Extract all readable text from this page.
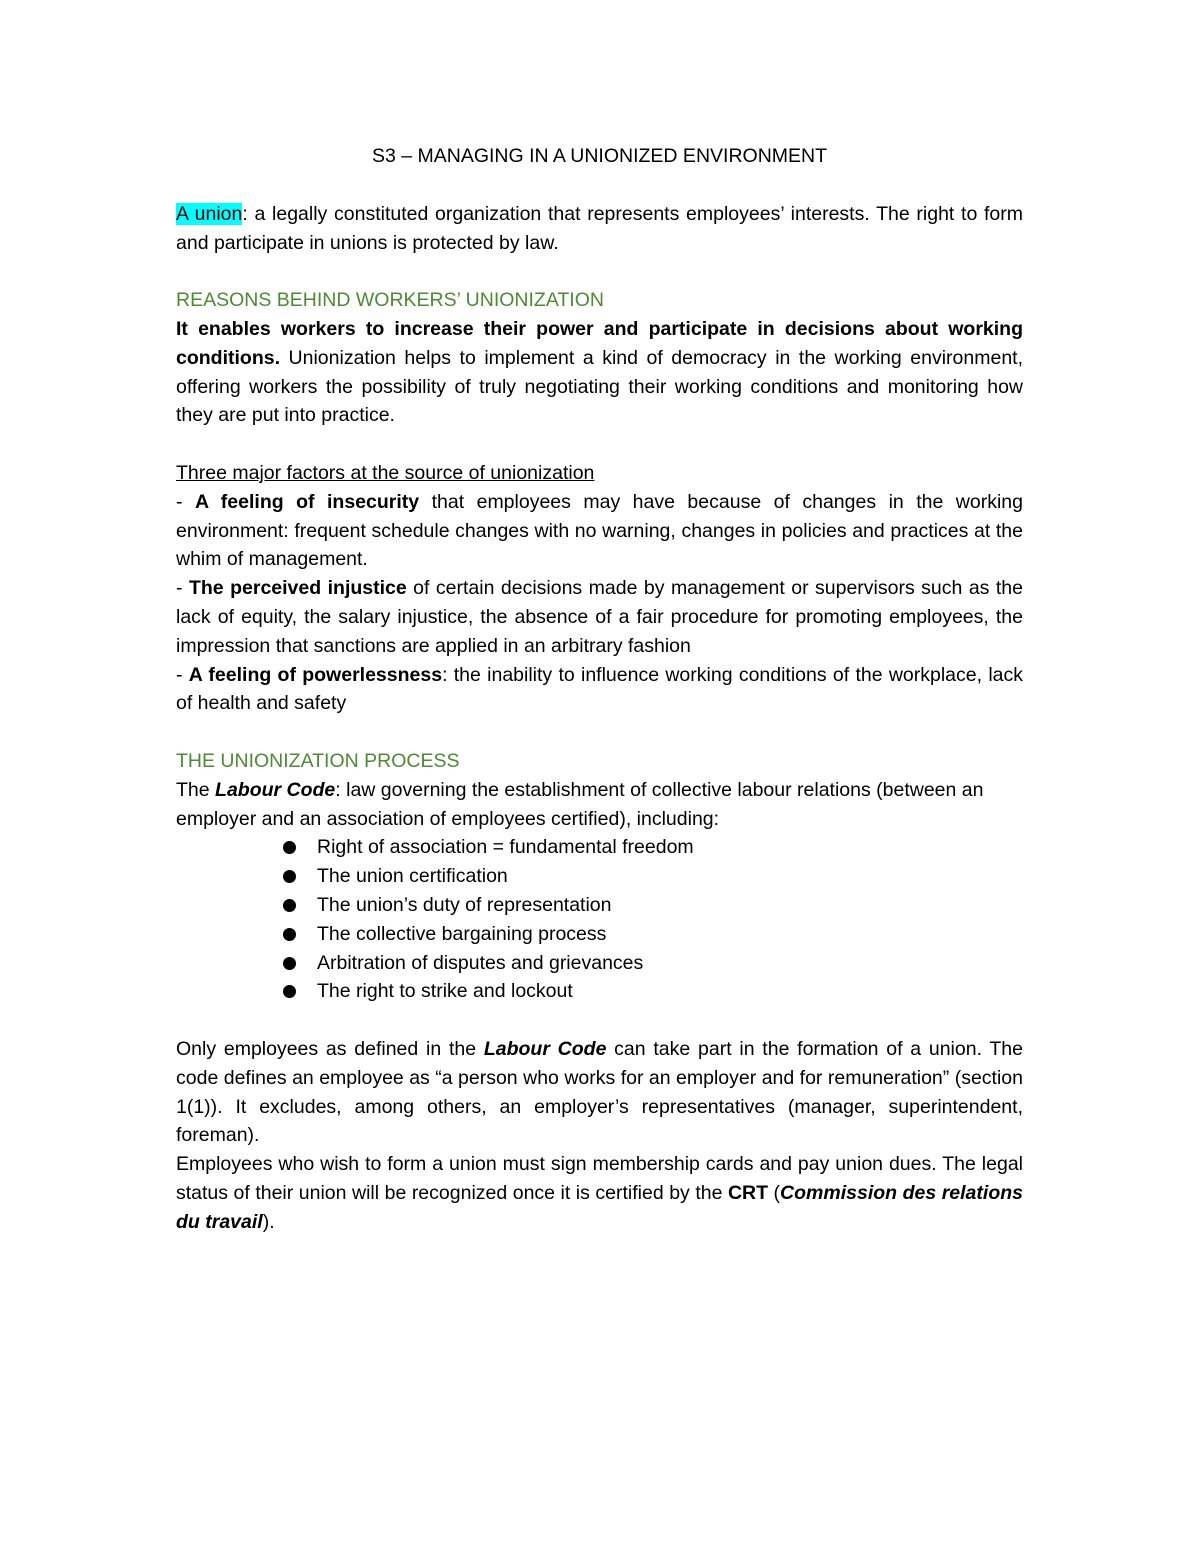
S3 – MANAGING IN A UNIONIZED ENVIRONMENT

A union: a legally constituted organization that represents employees’ interests. The right to form and participate in unions is protected by law.

REASONS BEHIND WORKERS’ UNIONIZATION

It enables workers to increase their power and participate in decisions about working conditions. Unionization helps to implement a kind of democracy in the working environment, offering workers the possibility of truly negotiating their working conditions and monitoring how they are put into practice.

Three major factors at the source of unionization

- A feeling of insecurity that employees may have because of changes in the working environment: frequent schedule changes with no warning, changes in policies and practices at the whim of management.

- The perceived injustice of certain decisions made by management or supervisors such as the lack of equity, the salary injustice, the absence of a fair procedure for promoting employees, the impression that sanctions are applied in an arbitrary fashion

- A feeling of powerlessness: the inability to influence working conditions of the workplace, lack of health and safety

THE UNIONIZATION PROCESS

The Labour Code: law governing the establishment of collective labour relations (between an employer and an association of employees certified), including:

Right of association = fundamental freedom
The union certification
The union’s duty of representation
The collective bargaining process
Arbitration of disputes and grievances
The right to strike and lockout

Only employees as defined in the Labour Code can take part in the formation of a union. The code defines an employee as “a person who works for an employer and for remuneration” (section 1(1)). It excludes, among others, an employer’s representatives (manager, superintendent, foreman).

Employees who wish to form a union must sign membership cards and pay union dues. The legal status of their union will be recognized once it is certified by the CRT (Commission des relations du travail).
